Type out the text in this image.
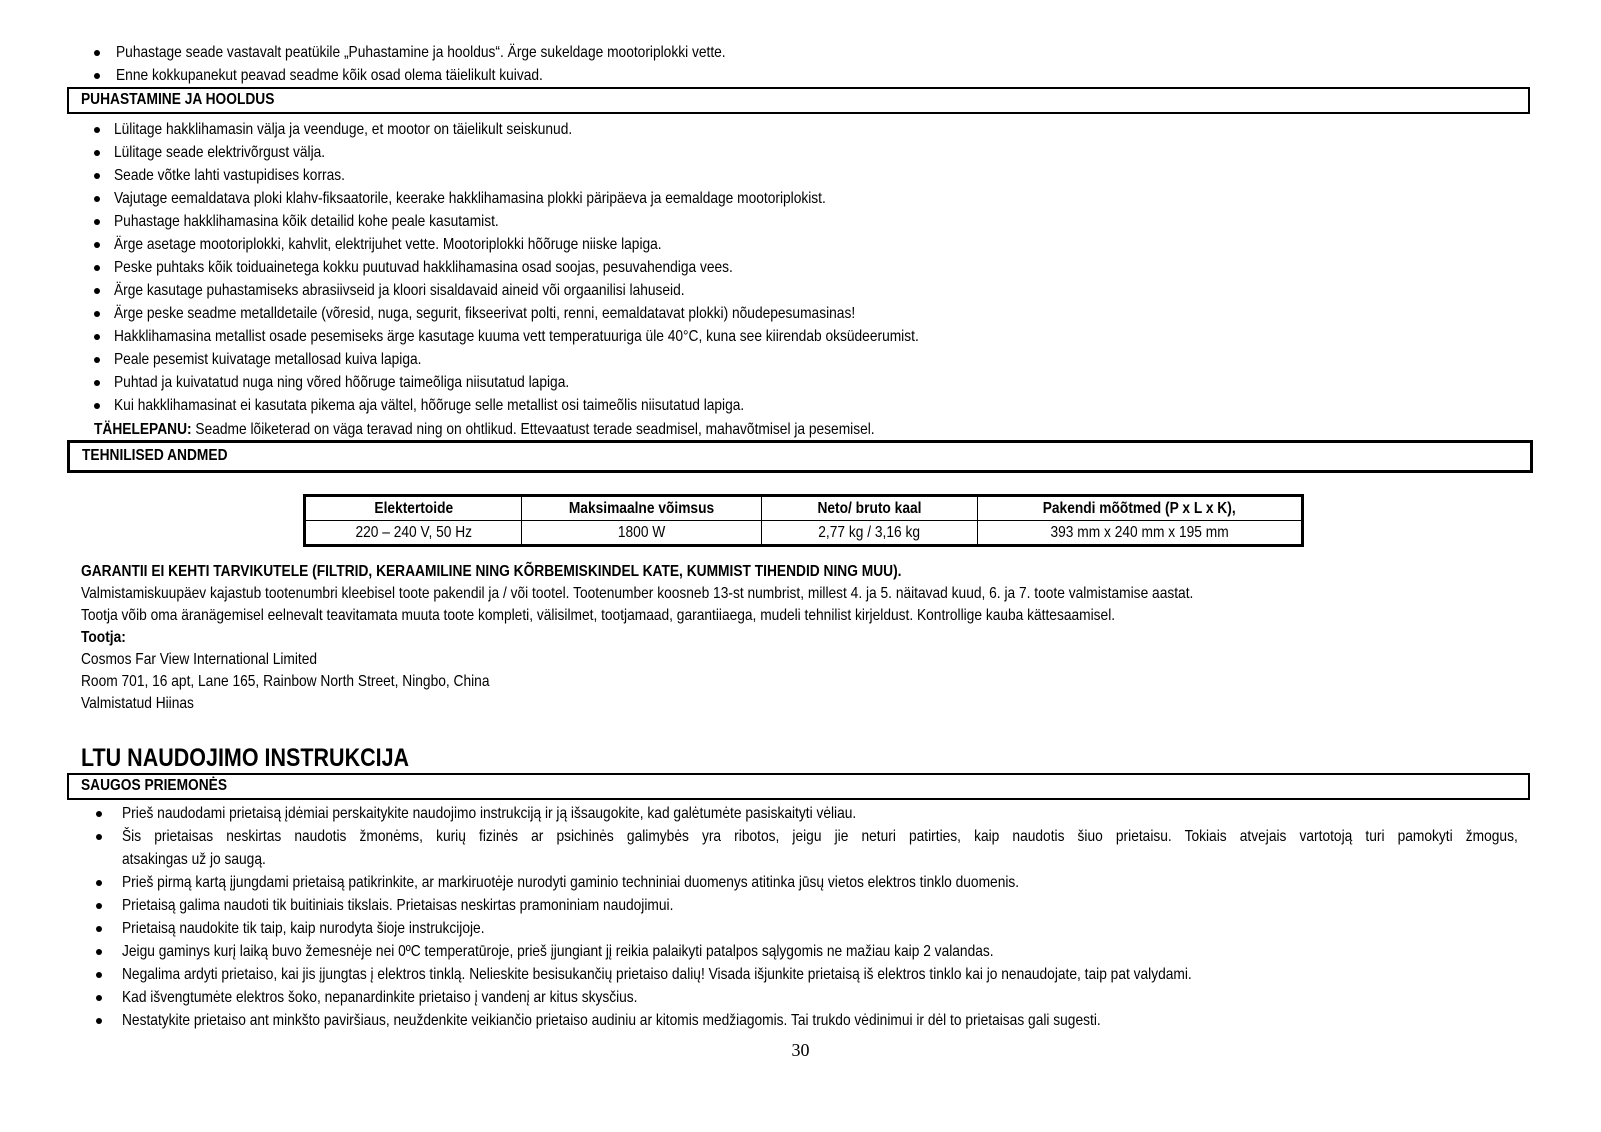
Puhastage seade vastavalt peatükile „Puhastamine ja hooldus“. Ärge sukeldage mootoriplokki vette.
Enne kokkupanekut peavad seadme kõik osad olema täielikult kuivad.
PUHASTAMINE JA HOOLDUS
Lülitage hakklihamasin välja ja veenduge, et mootor on täielikult seiskunud.
Lülitage seade elektrivõrgust välja.
Seade võtke lahti vastupidises korras.
Vajutage eemaldatava ploki klahv-fiksaatorile, keerake hakklihamasina plokki päripäeva ja eemaldage mootoriplokist.
Puhastage hakklihamasina kõik detailid kohe peale kasutamist.
Ärge asetage mootoriplokki, kahvlit, elektrijuhet vette. Mootoriplokki hõõruge niiske lapiga.
Peske puhtaks kõik toiduainetega kokku puutuvad hakklihamasina osad soojas, pesuvahendiga vees.
Ärge kasutage puhastamiseks abrasiivseid ja kloori sisaldavaid aineid või orgaanilisi lahuseid.
Ärge peske seadme metalldetaile (võresid, nuga, segurit, fikseerivat polti, renni, eemaldatavat plokki) nõudepesumasinas!
Hakklihamasina metallist osade pesemiseks ärge kasutage kuuma vett temperatuuriga üle 40°C, kuna see kiirendab oksüdeerumist.
Peale pesemist kuivatage metallosad kuiva lapiga.
Puhtad ja kuivatatud nuga ning võred hõõruge taimeõliga niisutatud lapiga.
Kui hakklihamasinat ei kasutata pikema aja vältel, hõõruge selle metallist osi taimeõlis niisutatud lapiga.
TÄHELEPANU: Seadme lõiketerad on väga teravad ning on ohtlikud. Ettevaatust terade seadmisel, mahavõtmisel ja pesemisel.
TEHNILISED ANDMED
Elektertoide	Maksimaalne võimsus	Neto/ bruto kaal	Pakendi mõõtmed (P x L x K),
220 – 240 V, 50 Hz	1800 W	2,77 kg / 3,16 kg	393 mm x 240 mm x 195 mm
GARANTII EI KEHTI TARVIKUTELE (FILTRID, KERAAMILINE NING KÕRBEMISKINDEL KATE, KUMMIST TIHENDID NING MUU).
Valmistamiskuupäev kajastub tootenumbri kleebisel toote pakendil ja / või tootel. Tootenumber koosneb 13-st numbrist, millest 4. ja 5. näitavad kuud, 6. ja 7. toote valmistamise aastat.
Tootja võib oma äranägemisel eelnevalt teavitamata muuta toote kompleti, välisilmet, tootjamaad, garantiiaega, mudeli tehnilist kirjeldust. Kontrollige kauba kättesaamisel.
Tootja:
Cosmos Far View International Limited
Room 701, 16 apt, Lane 165, Rainbow North Street, Ningbo, China
Valmistatud Hiinas
LTU NAUDOJIMO INSTRUKCIJA
SAUGOS PRIEMONĖS
Prieš naudodami prietaisą įdėmiai perskaitykite naudojimo instrukciją ir ją išsaugokite, kad galėtumėte pasiskaityti vėliau.
Šis prietaisas neskirtas naudotis žmonėms, kurių fizinės ar psichinės galimybės yra ribotos, jeigu jie neturi patirties, kaip naudotis šiuo prietaisu. Tokiais atvejais vartotoją turi pamokyti žmogus,
atsakingas už jo saugą.
Prieš pirmą kartą įjungdami prietaisą patikrinkite, ar markiruotėje nurodyti gaminio techniniai duomenys atitinka jūsų vietos elektros tinklo duomenis.
Prietaisą galima naudoti tik buitiniais tikslais. Prietaisas neskirtas pramoniniam naudojimui.
Prietaisą naudokite tik taip, kaip nurodyta šioje instrukcijoje.
Jeigu gaminys kurį laiką buvo žemesnėje nei 0ºC temperatūroje, prieš įjungiant jį reikia palaikyti patalpos sąlygomis ne mažiau kaip 2 valandas.
Negalima ardyti prietaiso, kai jis įjungtas į elektros tinklą. Nelieskite besisukančių prietaiso dalių! Visada išjunkite prietaisą iš elektros tinklo kai jo nenaudojate, taip pat valydami.
Kad išvengtumėte elektros šoko, nepanardinkite prietaiso į vandenį ar kitus skysčius.
Nestatykite prietaiso ant minkšto paviršiaus, neuždenkite veikiančio prietaiso audiniu ar kitomis medžiagomis. Tai trukdo vėdinimui ir dėl to prietaisas gali sugesti.
30
